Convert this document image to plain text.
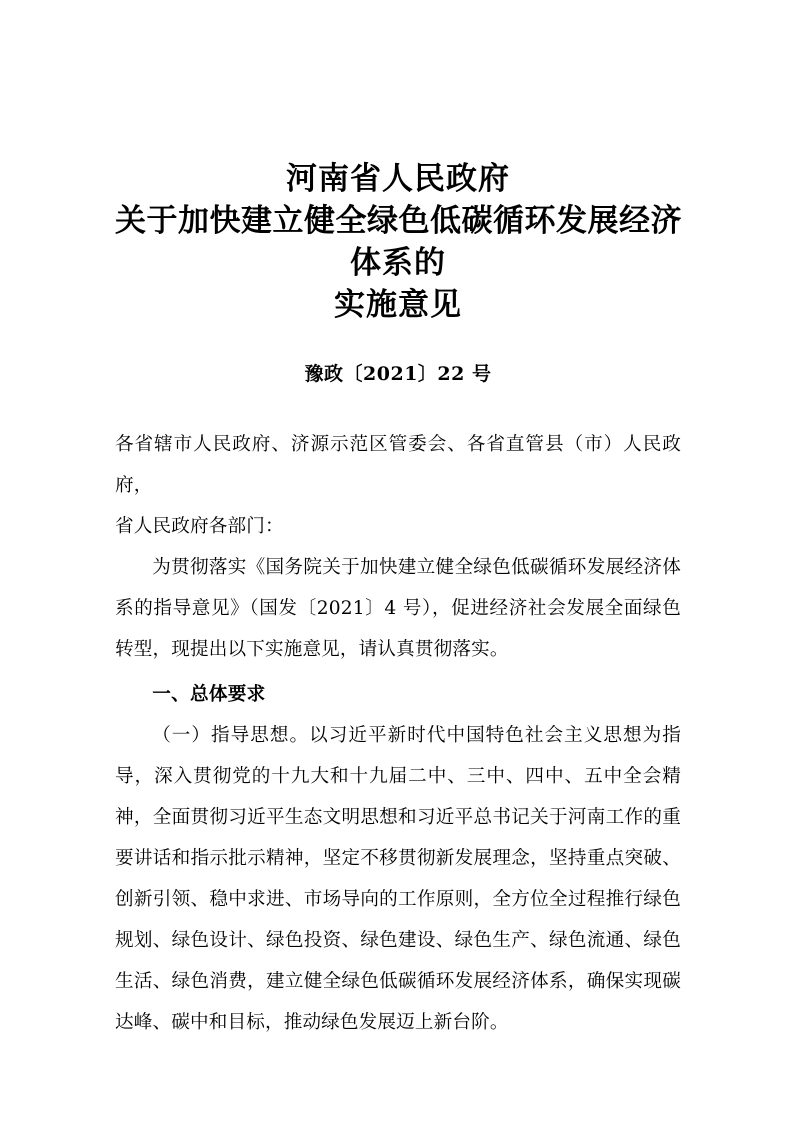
河南省人民政府
关于加快建立健全绿色低碳循环发展经济
体系的
实施意见

豫政〔2021〕22 号

各省辖市人民政府、济源示范区管委会、各省直管县（市）人民政府，

省人民政府各部门：

为贯彻落实《国务院关于加快建立健全绿色低碳循环发展经济体系的指导意见》（国发〔2021〕4 号），促进经济社会发展全面绿色转型，现提出以下实施意见，请认真贯彻落实。

一、总体要求

（一）指导思想。以习近平新时代中国特色社会主义思想为指导，深入贯彻党的十九大和十九届二中、三中、四中、五中全会精神，全面贯彻习近平生态文明思想和习近平总书记关于河南工作的重要讲话和指示批示精神，坚定不移贯彻新发展理念，坚持重点突破、创新引领、稳中求进、市场导向的工作原则，全方位全过程推行绿色规划、绿色设计、绿色投资、绿色建设、绿色生产、绿色流通、绿色生活、绿色消费，建立健全绿色低碳循环发展经济体系，确保实现碳达峰、碳中和目标，推动绿色发展迈上新台阶。
